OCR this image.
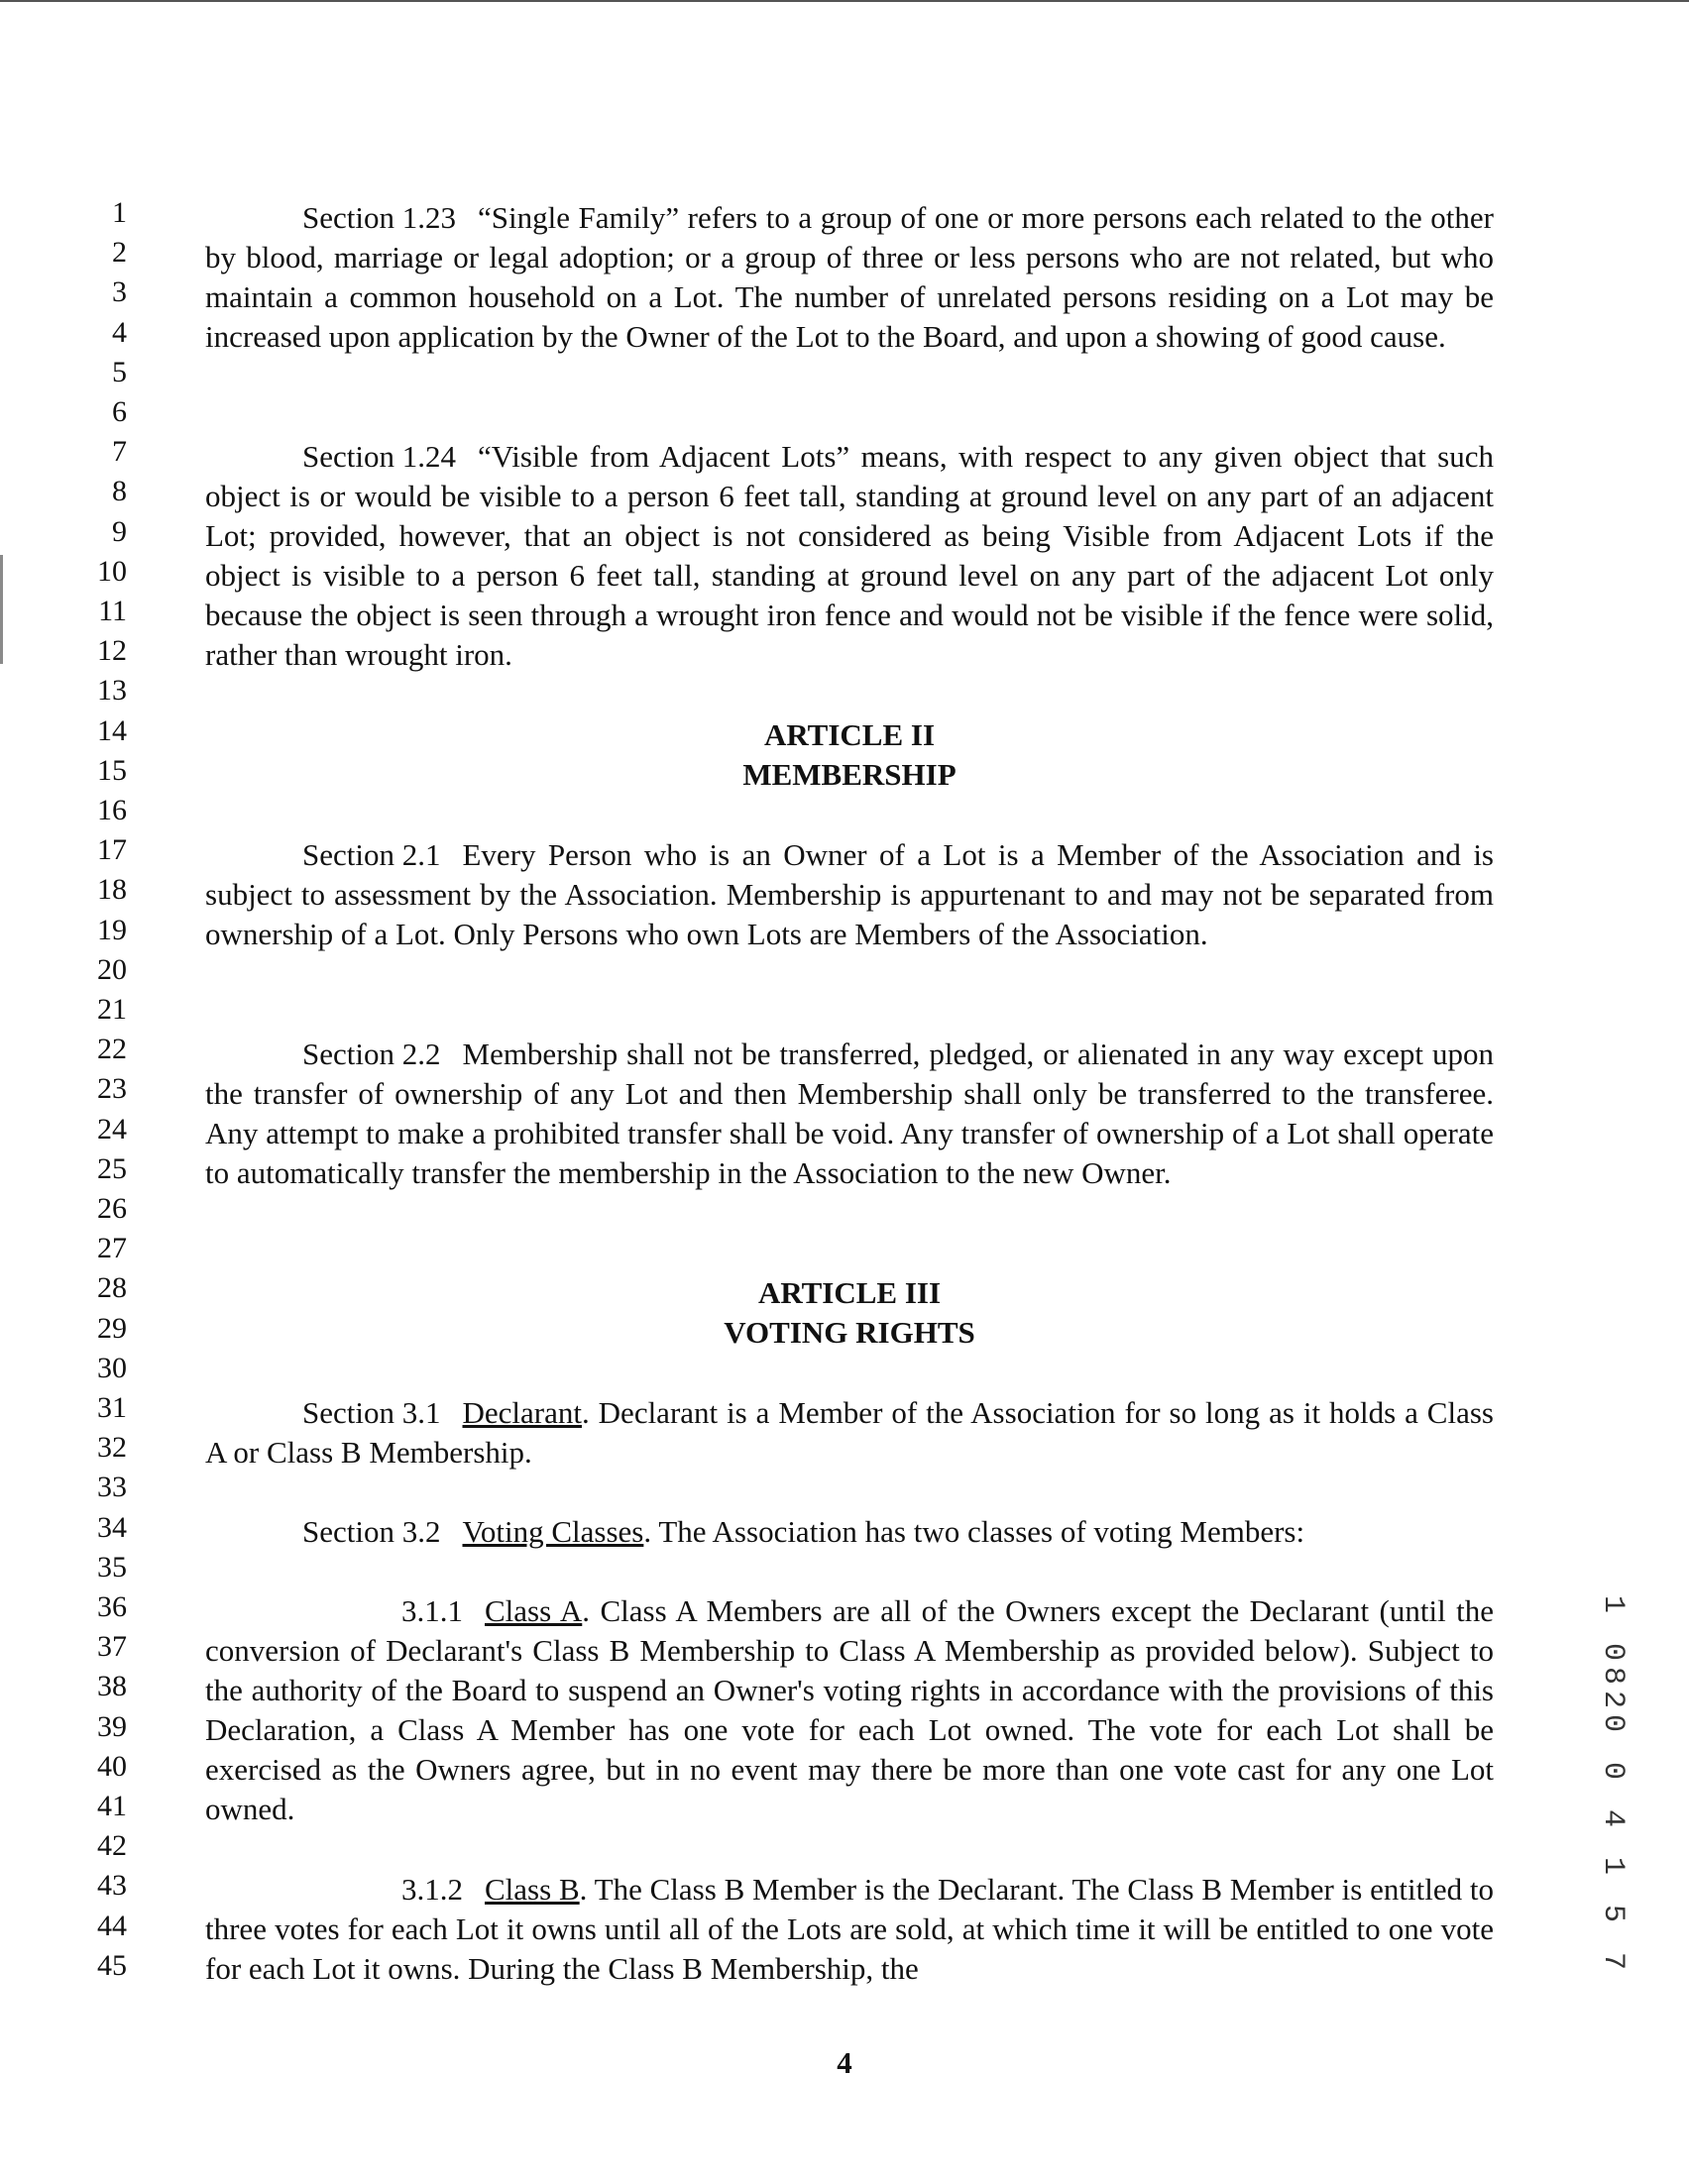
1
2
3
4
5
6
7
8
9
10
11
12
13
14
15
16
17
18
19
20
21
22
23
24
25
26
27
28
29
30
31
32
33
34
35
36
37
38
39
40
41
42
43
44
45
Section 1.23 “Single Family” refers to a group of one or more persons each related to the other by blood, marriage or legal adoption; or a group of three or less persons who are not related, but who maintain a common household on a Lot. The number of unrelated persons residing on a Lot may be increased upon application by the Owner of the Lot to the Board, and upon a showing of good cause.
Section 1.24 “Visible from Adjacent Lots” means, with respect to any given object that such object is or would be visible to a person 6 feet tall, standing at ground level on any part of an adjacent Lot; provided, however, that an object is not considered as being Visible from Adjacent Lots if the object is visible to a person 6 feet tall, standing at ground level on any part of the adjacent Lot only because the object is seen through a wrought iron fence and would not be visible if the fence were solid, rather than wrought iron.
ARTICLE II
MEMBERSHIP
Section 2.1 Every Person who is an Owner of a Lot is a Member of the Association and is subject to assessment by the Association. Membership is appurtenant to and may not be separated from ownership of a Lot. Only Persons who own Lots are Members of the Association.
Section 2.2 Membership shall not be transferred, pledged, or alienated in any way except upon the transfer of ownership of any Lot and then Membership shall only be transferred to the transferee. Any attempt to make a prohibited transfer shall be void. Any transfer of ownership of a Lot shall operate to automatically transfer the membership in the Association to the new Owner.
ARTICLE III
VOTING RIGHTS
Section 3.1 Declarant. Declarant is a Member of the Association for so long as it holds a Class A or Class B Membership.
Section 3.2 Voting Classes. The Association has two classes of voting Members:
3.1.1 Class A. Class A Members are all of the Owners except the Declarant (until the conversion of Declarant's Class B Membership to Class A Membership as provided below). Subject to the authority of the Board to suspend an Owner's voting rights in accordance with the provisions of this Declaration, a Class A Member has one vote for each Lot owned. The vote for each Lot shall be exercised as the Owners agree, but in no event may there be more than one vote cast for any one Lot owned.
3.1.2 Class B. The Class B Member is the Declarant. The Class B Member is entitled to three votes for each Lot it owns until all of the Lots are sold, at which time it will be entitled to one vote for each Lot it owns. During the Class B Membership, the	1 0820 0 4 1 5 7
4
